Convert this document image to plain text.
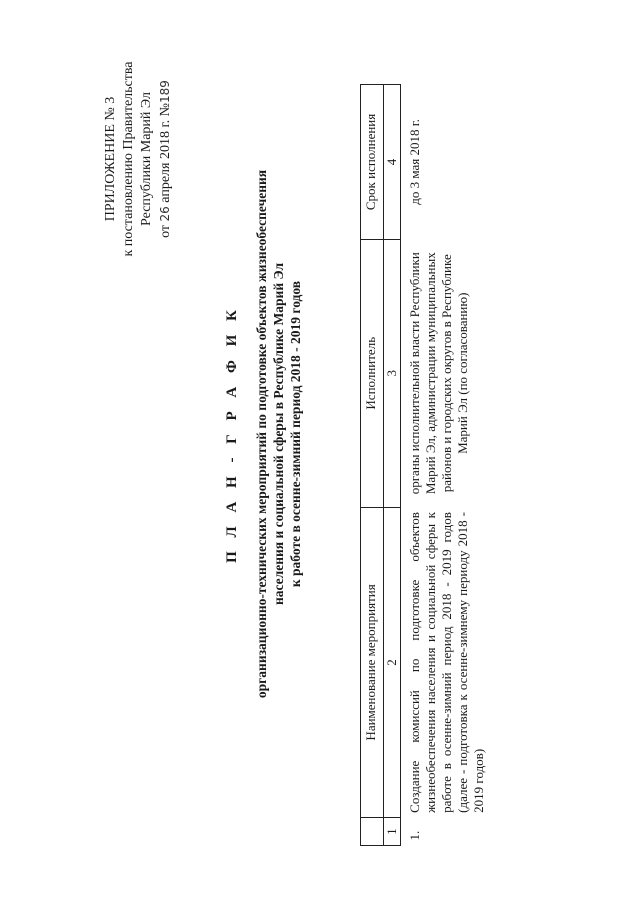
ПРИЛОЖЕНИЕ № 3 к постановлению Правительства Республики Марий Эл
от 26 апреля 2018 г. №189
П Л А Н - Г Р А Ф И К организационно-технических мероприятий по подготовке объектов жизнеобеспечения населения и социальной сферы в Республике Марий Эл к работе в осенне-зимний период 2018 - 2019 годов
	Наименование мероприятия	Исполнитель	Срок исполнения
1	2	3	4
1.	Создание комиссий по подготовке объектов жизнеобеспечения населения и социальной сферы к работе в осенне-зимний период 2018 - 2019 годов (далее - подготовка к осенне-зимнему периоду 2018 - 2019 годов)	органы исполнительной власти Республики Марий Эл, администрации муниципальных районов и городских округов в Республике Марий Эл (по согласованию)	до 3 мая 2018 г.
